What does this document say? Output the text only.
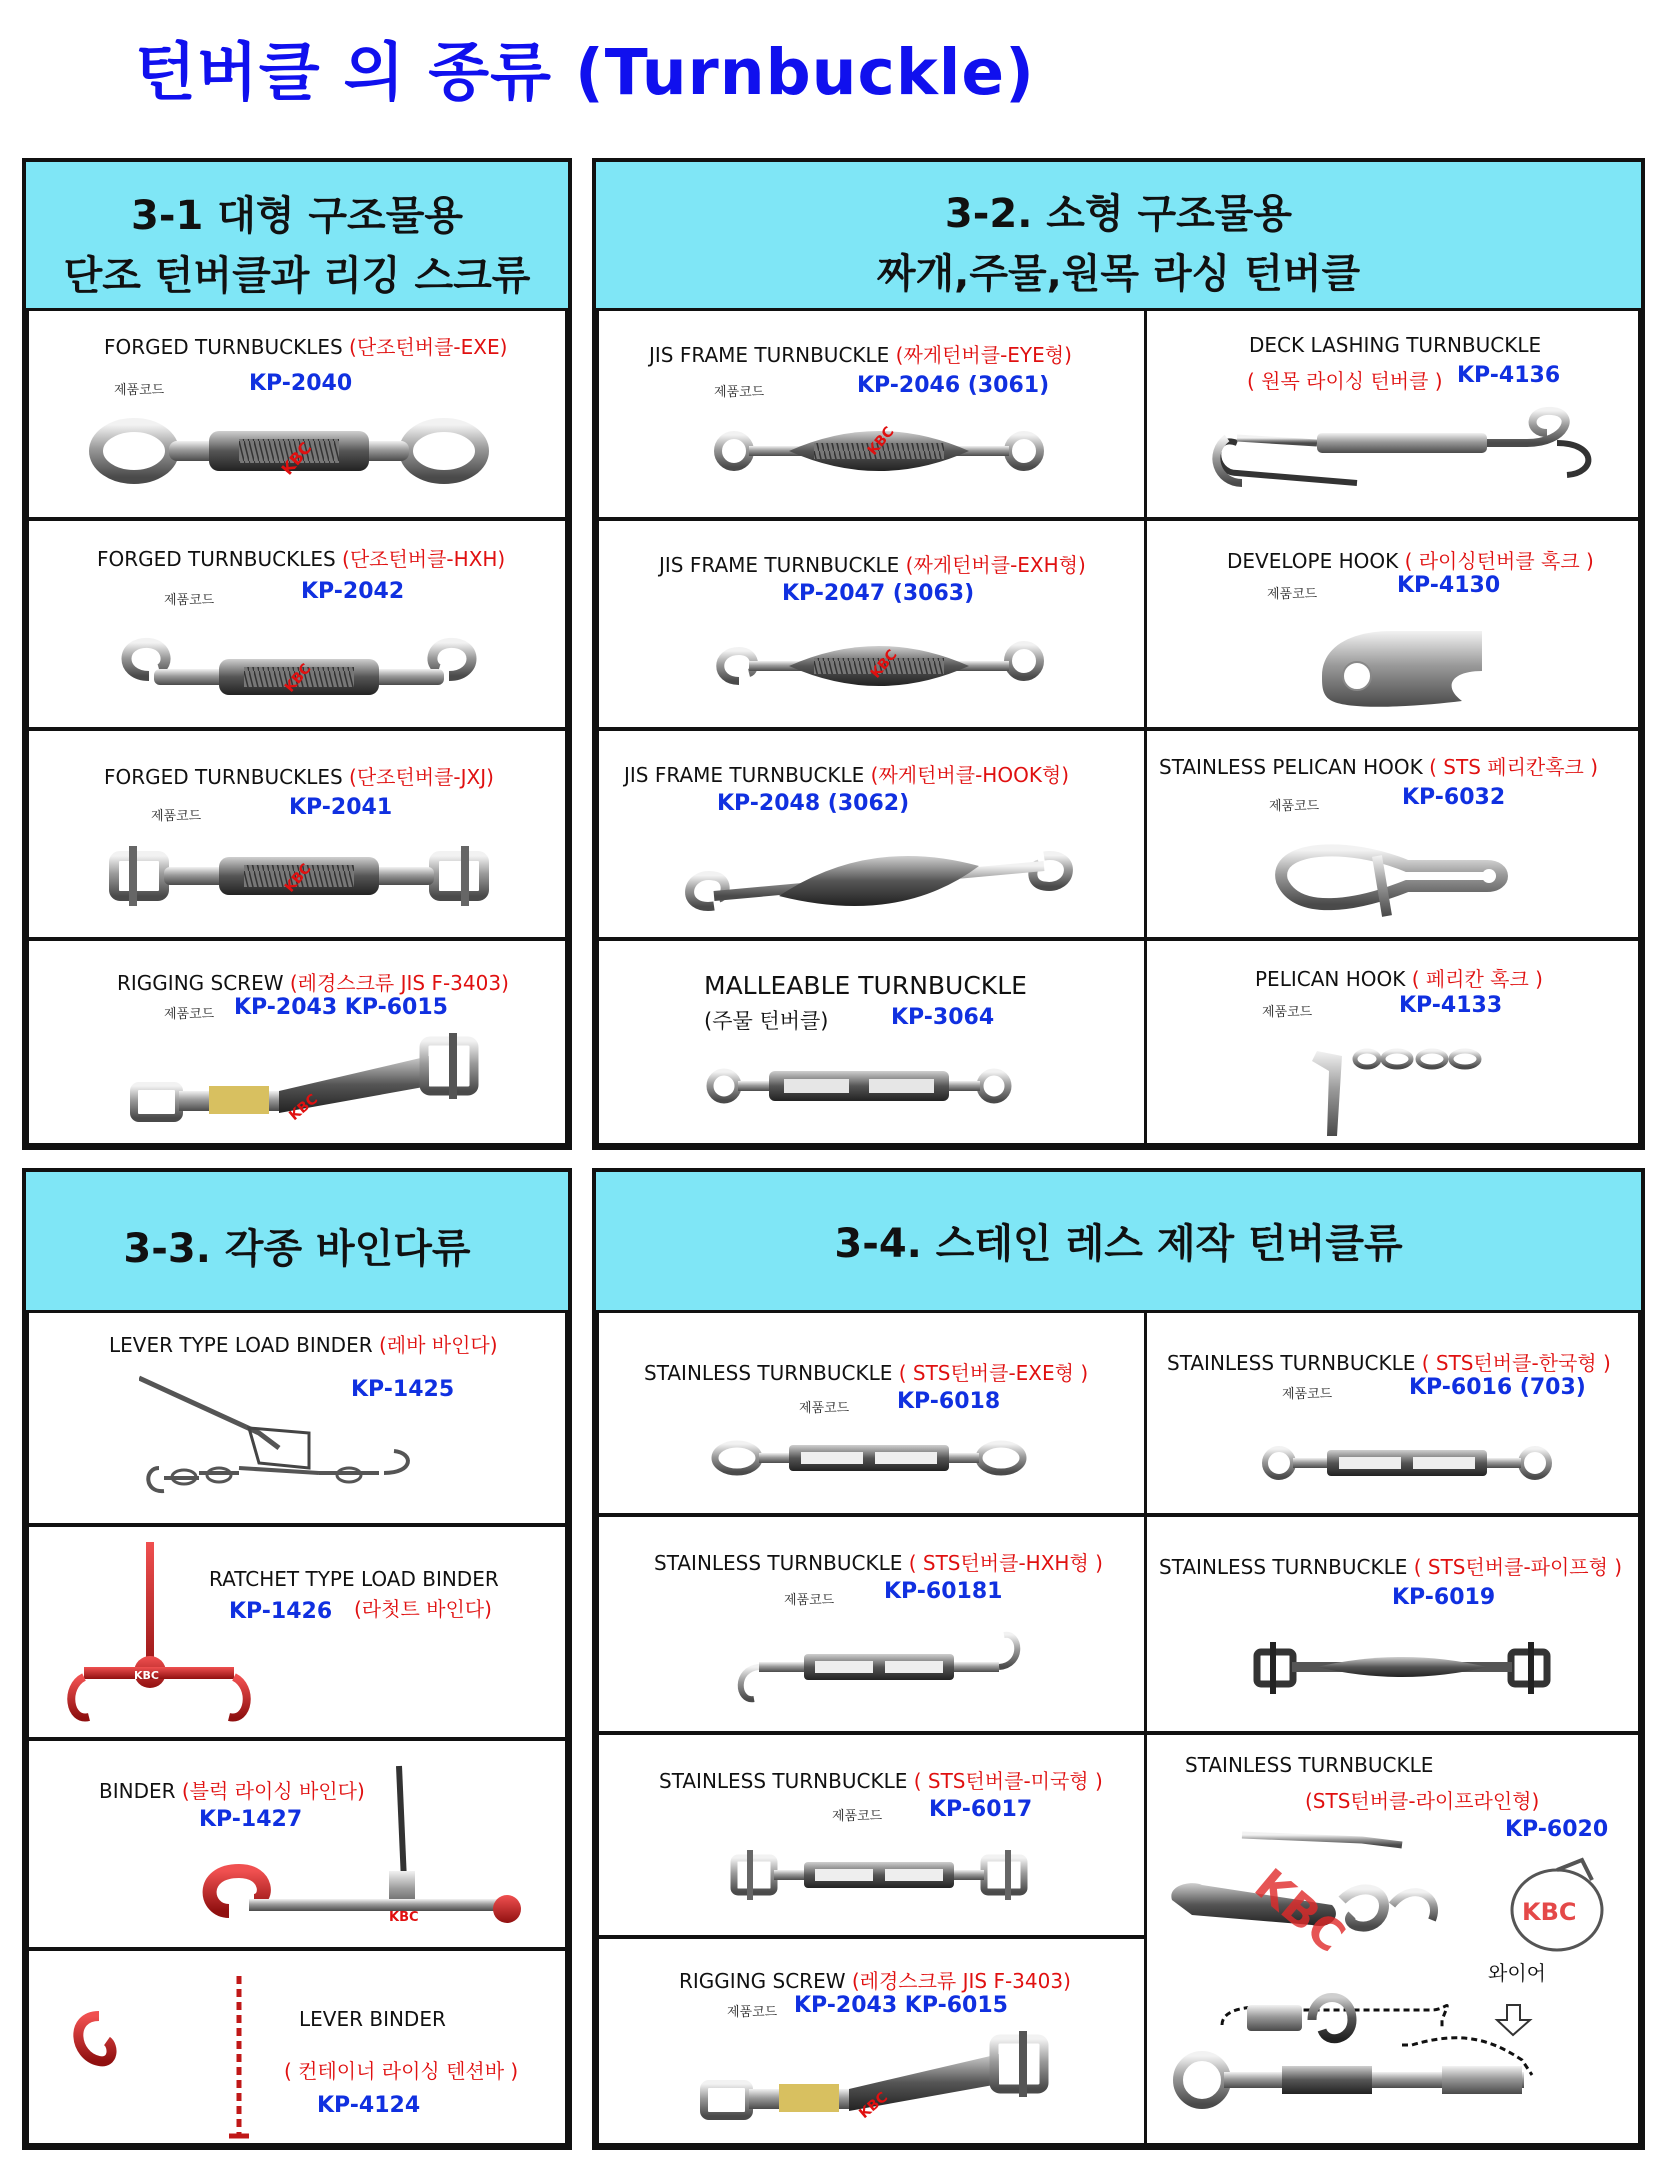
턴버클 의 종류 (Turnbuckle)
3-1 대형 구조물용
단조 턴버클과 리깅 스크류
FORGED TURNBUCKLES (단조턴버클-EXE)
제품코드	KP-2040
KBC
FORGED TURNBUCKLES (단조턴버클-HXH)
제품코드	KP-2042
KBC
FORGED TURNBUCKLES (단조턴버클-JXJ)
제품코드	KP-2041
KBC
RIGGING SCREW (레경스크류 JIS F-3403)
제품코드 KP-2043 KP-6015
KBC
3-2. 소형 구조물용
짜개,주물,원목 라싱 턴버클
JIS FRAME TURNBUCKLE (짜게턴버클-EYE형)
제품코드	KP-2046 (3061)
KBC
JIS FRAME TURNBUCKLE (짜게턴버클-EXH형)
KP-2047 (3063)
KBC
JIS FRAME TURNBUCKLE (짜게턴버클-HOOK형)
KP-2048 (3062)
MALLEABLE TURNBUCKLE
(주물 턴버클)	KP-3064
DECK LASHING TURNBUCKLE
( 원목 라이싱 턴버클 ) KP-4136
DEVELOPE HOOK ( 라이싱턴버클 혹크 )
제품코드	KP-4130
STAINLESS PELICAN HOOK ( STS 페리칸혹크 )
제품코드	KP-6032
PELICAN HOOK ( 페리칸 혹크 )
제품코드	KP-4133
3-3. 각종 바인다류
LEVER TYPE LOAD BINDER (레바 바인다)
KP-1425
RATCHET TYPE LOAD BINDER
KP-1426 (라첫트 바인다)
KBC
BINDER (블럭 라이싱 바인다)
KP-1427
KBC
LEVER BINDER
( 컨테이너 라이싱 텐션바 )
KP-4124
3-4. 스테인 레스 제작 턴버클류
STAINLESS TURNBUCKLE ( STS턴버클-EXE형 )
제품코드 KP-6018
STAINLESS TURNBUCKLE ( STS턴버클-HXH형 )
제품코드 KP-60181
STAINLESS TURNBUCKLE ( STS턴버클-미국형 )
제품코드 KP-6017
RIGGING SCREW (레경스크류 JIS F-3403)
제품코드 KP-2043 KP-6015
KBC
STAINLESS TURNBUCKLE ( STS턴버클-한국형 )
제품코드	KP-6016 (703)
STAINLESS TURNBUCKLE ( STS턴버클-파이프형 )
KP-6019
STAINLESS TURNBUCKLE
(STS턴버클-라이프라인형)
KP-6020
KBC	KBC
와이어
